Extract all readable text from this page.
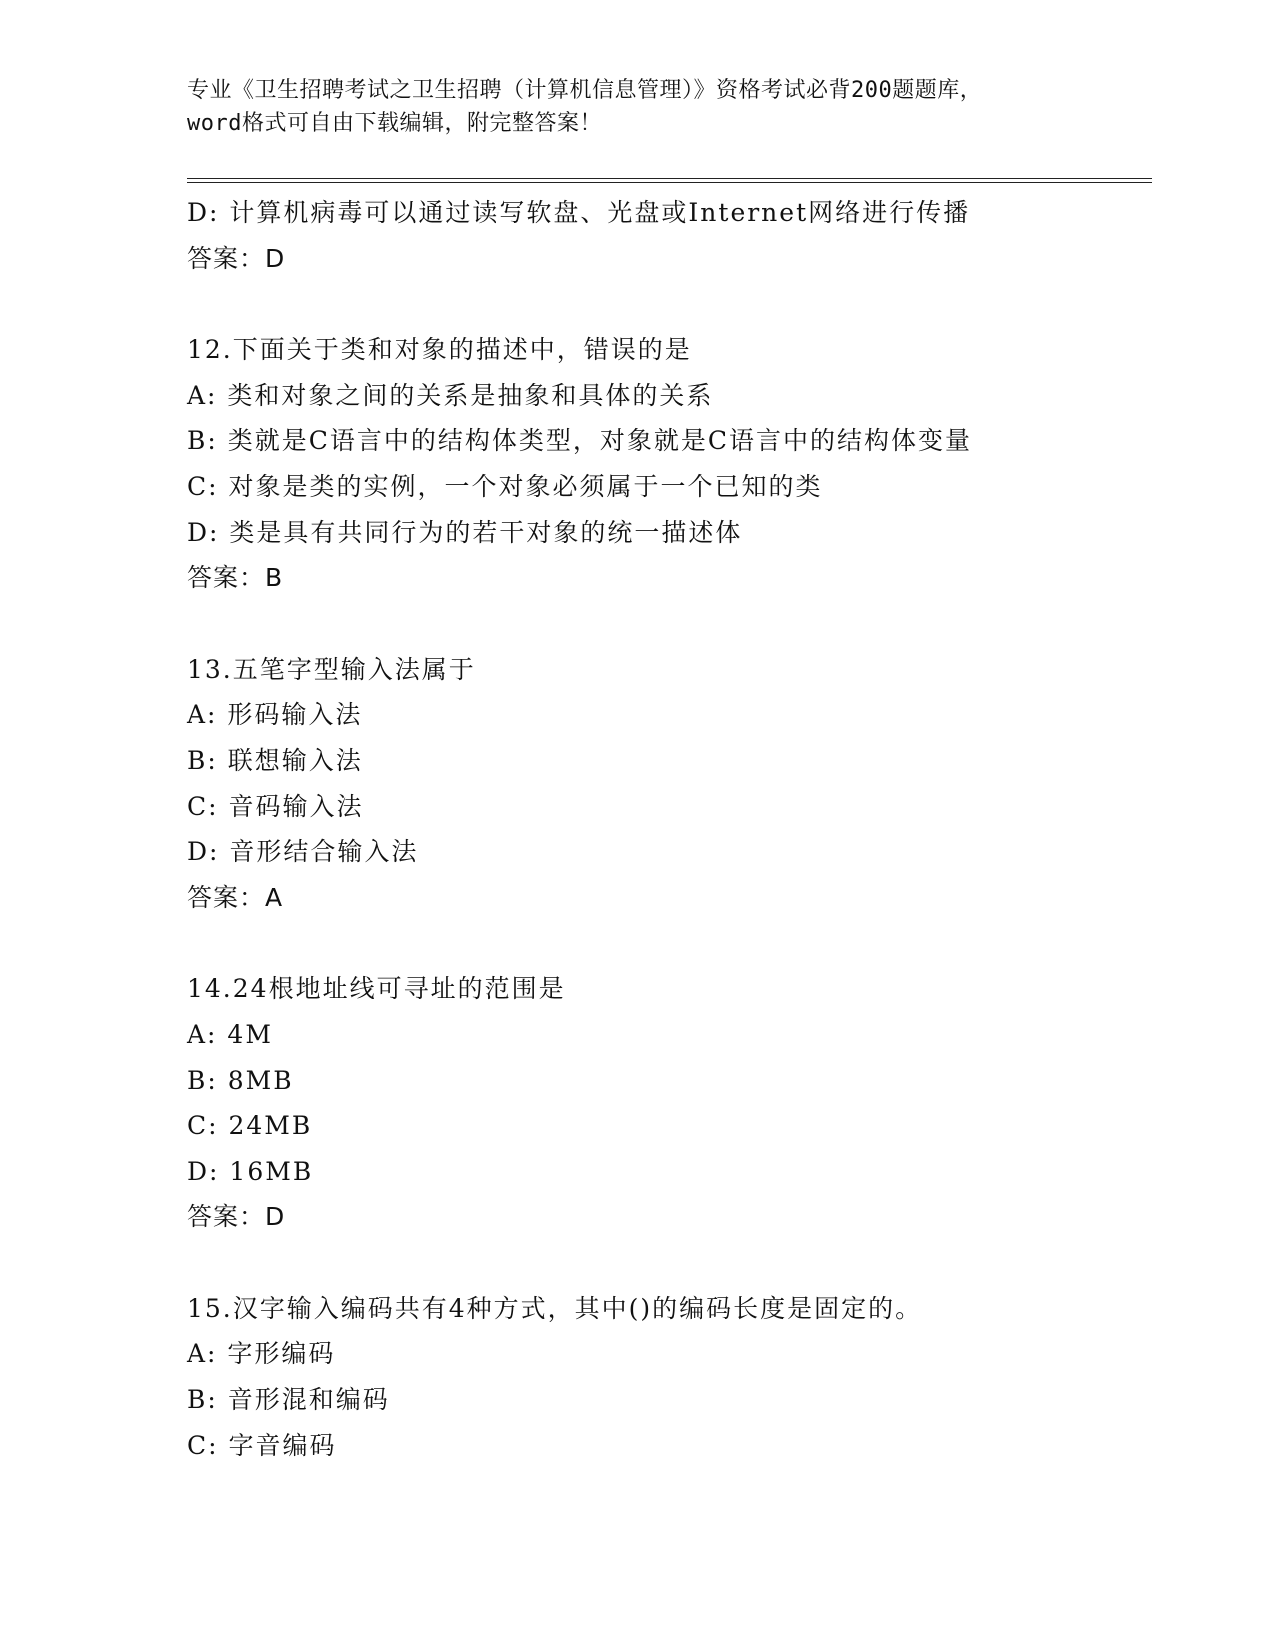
专业《卫生招聘考试之卫生招聘（计算机信息管理）》资格考试必背200题题库，
word格式可自由下载编辑，附完整答案！
D: 计算机病毒可以通过读写软盘、光盘或Internet网络进行传播
答案：D
12.下面关于类和对象的描述中，错误的是
A: 类和对象之间的关系是抽象和具体的关系
B: 类就是C语言中的结构体类型，对象就是C语言中的结构体变量
C: 对象是类的实例，一个对象必须属于一个已知的类
D: 类是具有共同行为的若干对象的统一描述体
答案：B
13.五笔字型输入法属于
A: 形码输入法
B: 联想输入法
C: 音码输入法
D: 音形结合输入法
答案：A
14.24根地址线可寻址的范围是
A: 4M
B: 8MB
C: 24MB
D: 16MB
答案：D
15.汉字输入编码共有4种方式，其中()的编码长度是固定的。
A: 字形编码
B: 音形混和编码
C: 字音编码
